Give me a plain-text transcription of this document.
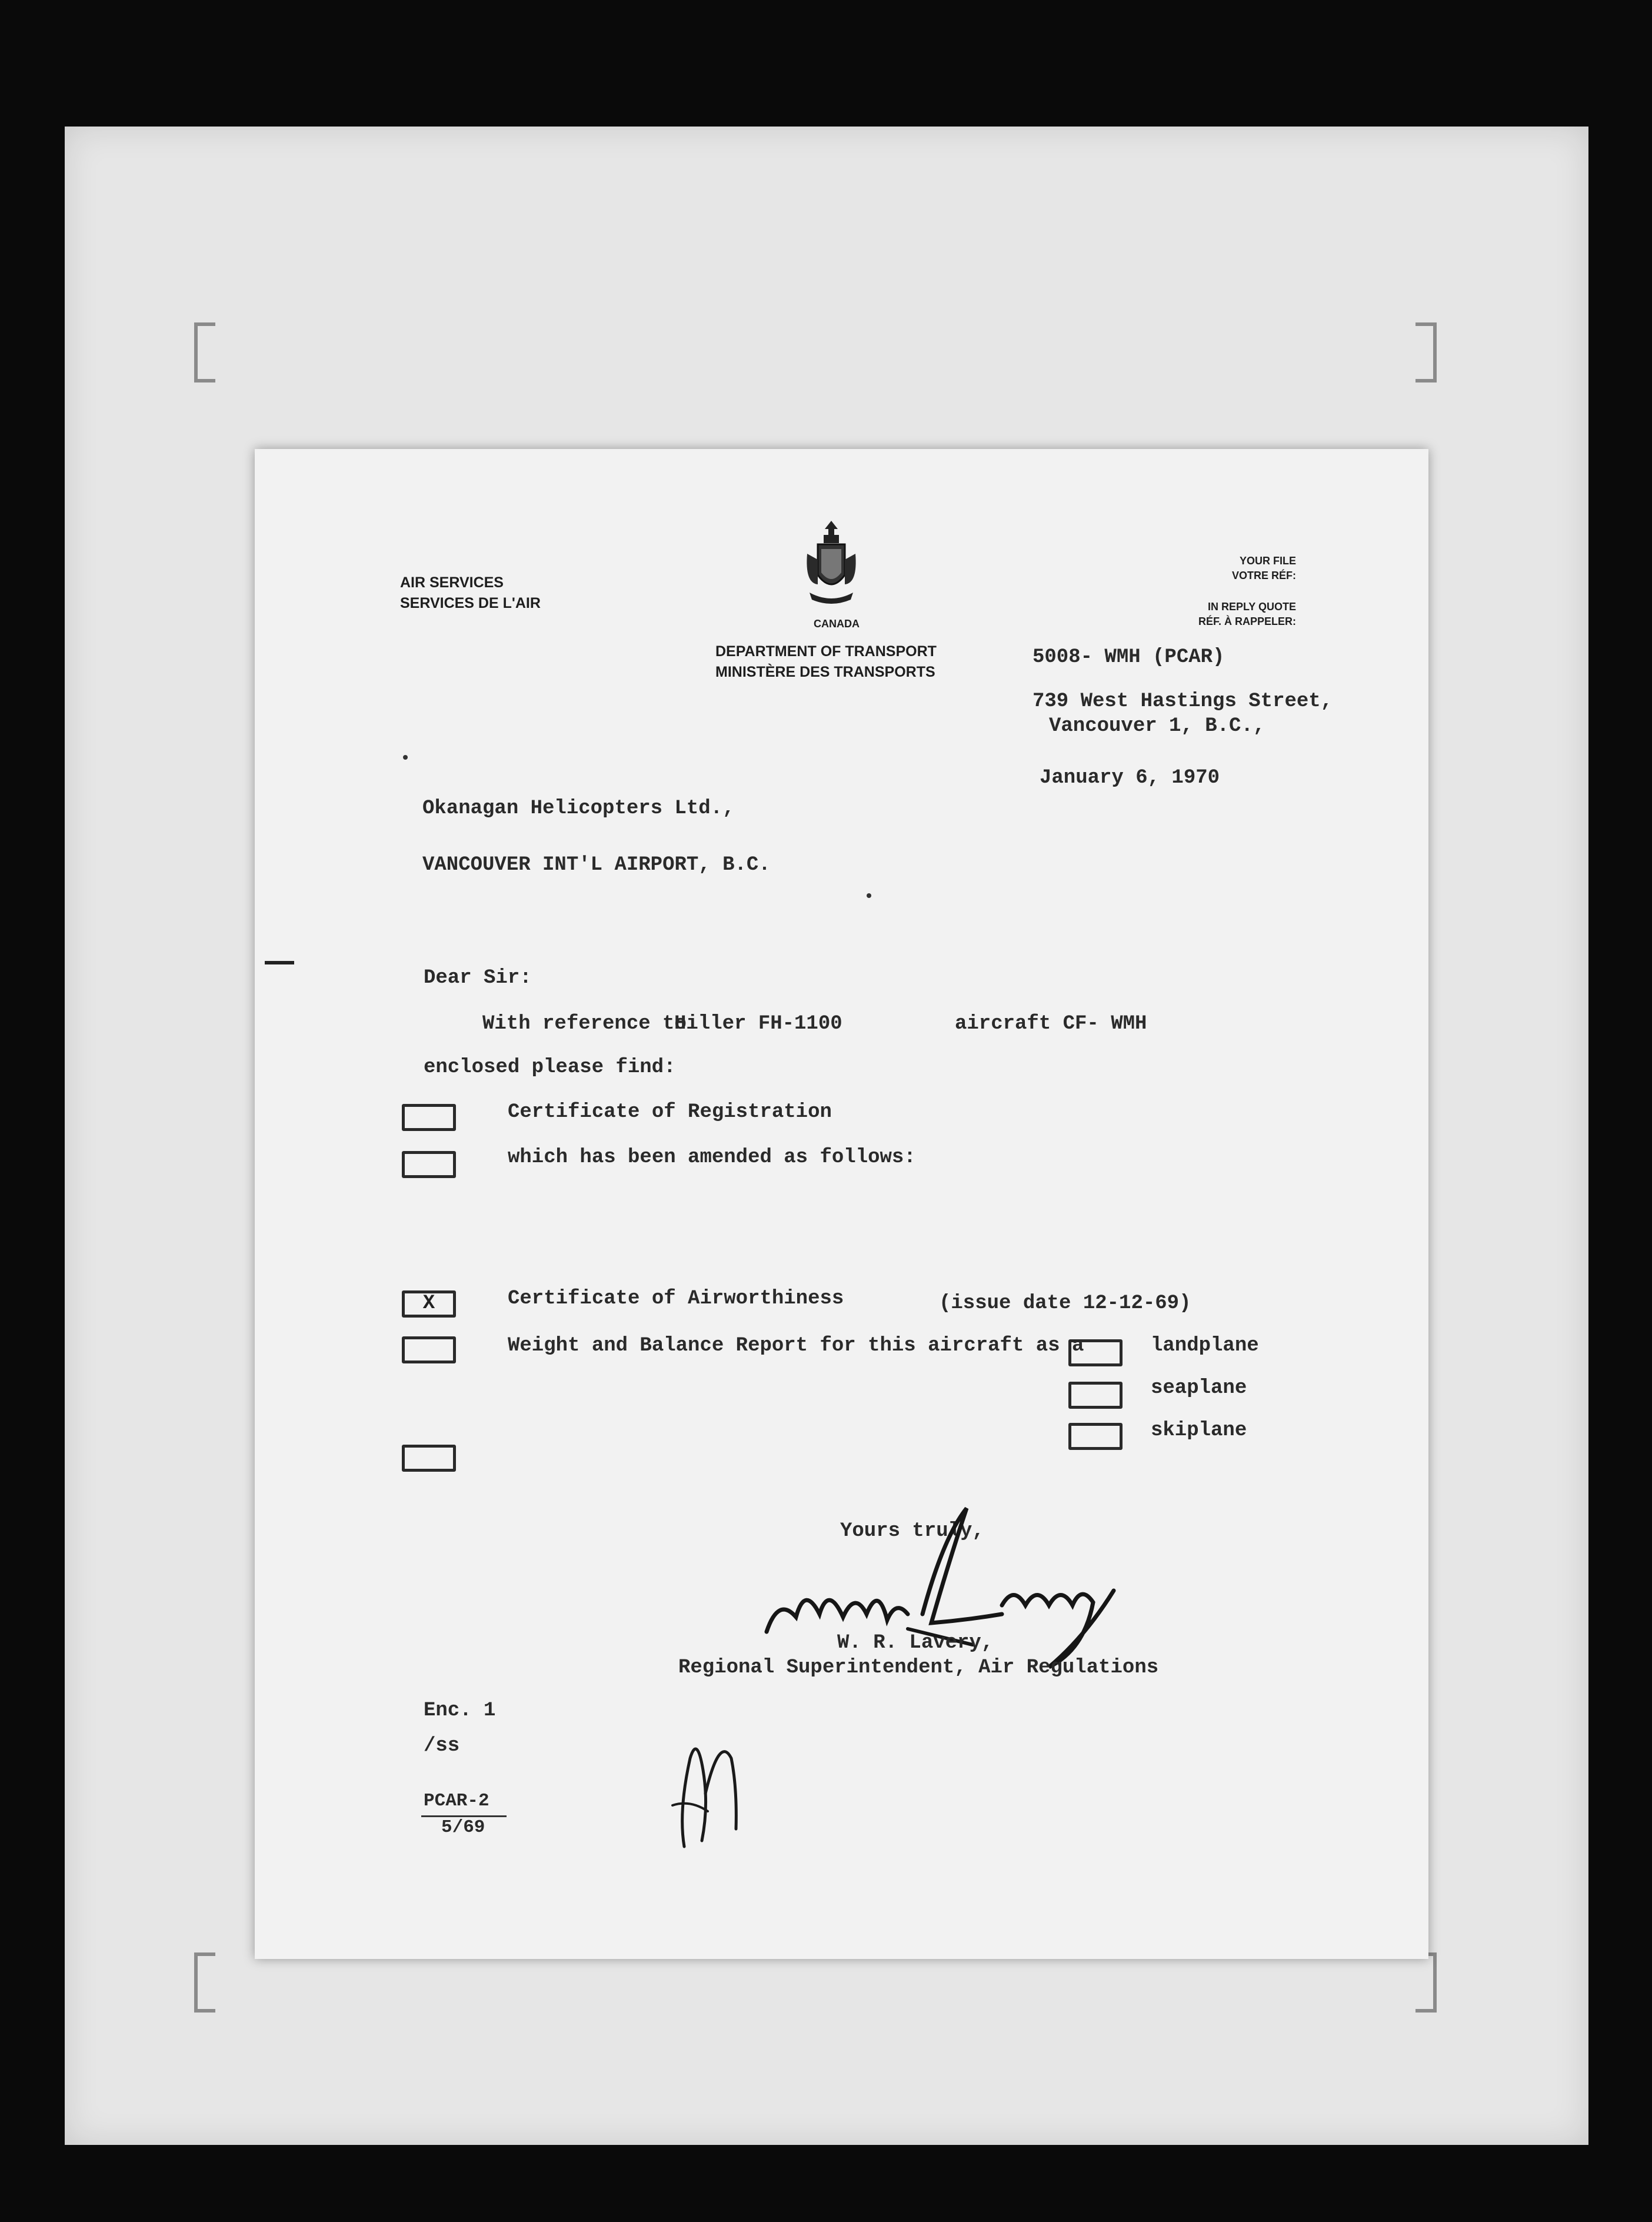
AIR SERVICES
SERVICES DE L'AIR
CANADA
DEPARTMENT OF TRANSPORT
MINISTÈRE DES TRANSPORTS
YOUR FILE
VOTRE RÉF:
IN REPLY QUOTE
RÉF. À RAPPELER:
5008- WMH (PCAR)
739 West Hastings Street,
Vancouver 1, B.C.,
January 6, 1970
Okanagan Helicopters Ltd.,
VANCOUVER INT'L AIRPORT, B.C.
Dear Sir:
With reference to
Hiller FH-1100	aircraft CF- WMH
enclosed please find:
Certificate of Registration
which has been amended as follows:
X	Certificate of Airworthiness	(issue date 12-12-69)
Weight and Balance Report for this aircraft as a	landplane
seaplane
skiplane
Yours truly,
W. R. Lavery,
Regional Superintendent, Air Regulations
Enc. 1
/ss
PCAR-2
5/69
